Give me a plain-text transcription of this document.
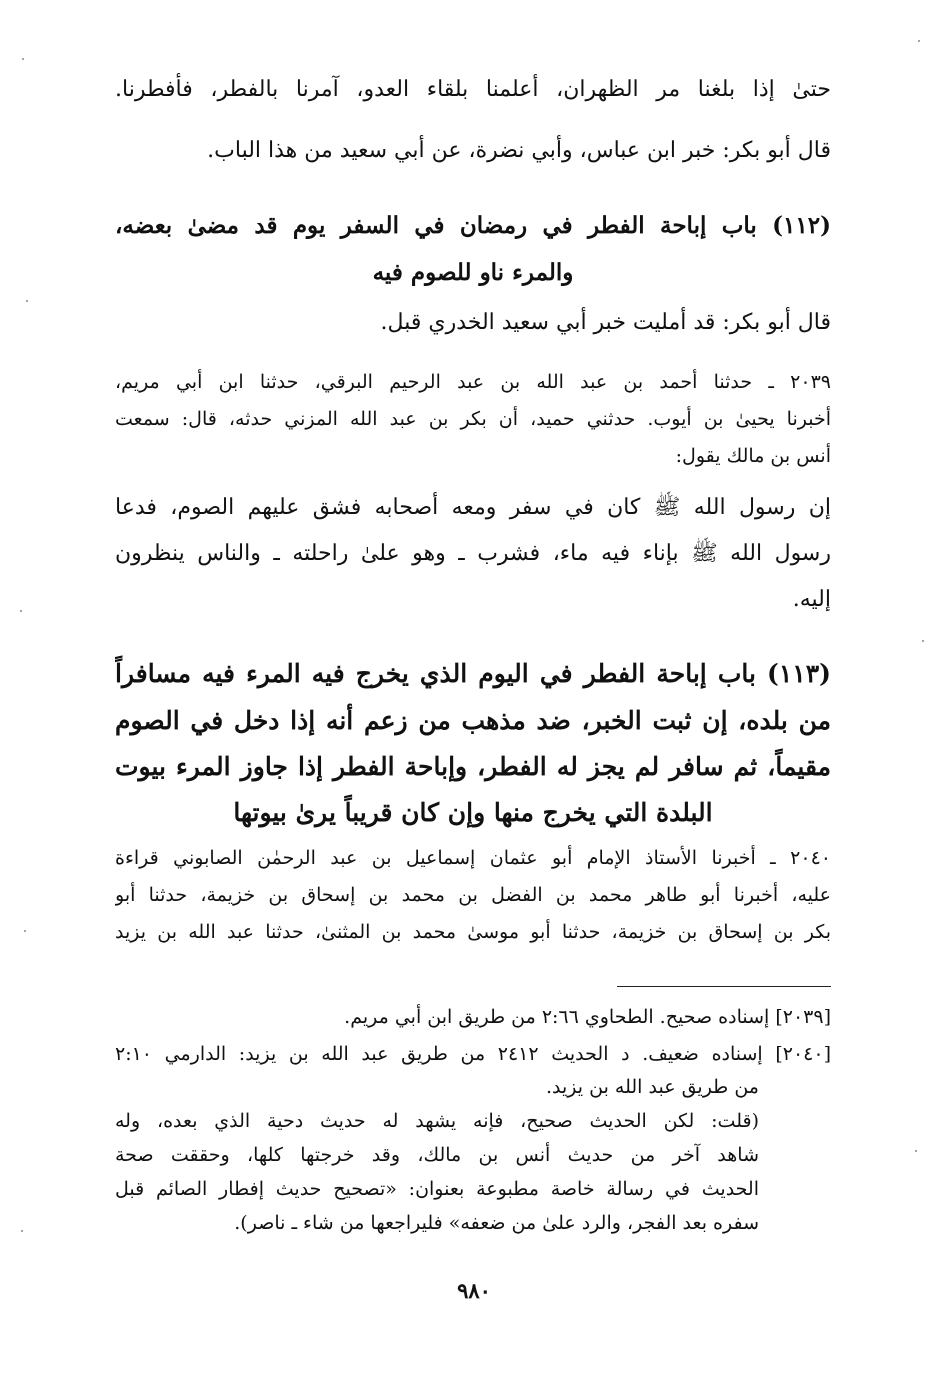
حتىٰ إذا بلغنا مر الظهران، أعلمنا بلقاء العدو، آمرنا بالفطر، فأفطرنا.

قال أبو بكر: خبر ابن عباس، وأبي نضرة، عن أبي سعيد من هذا الباب.

(١١٢) باب إباحة الفطر في رمضان في السفر يوم قد مضىٰ بعضه،

والمرء ناو للصوم فيه

قال أبو بكر: قد أمليت خبر أبي سعيد الخدري قبل.

٢٠٣٩ ـ حدثنا أحمد بن عبد الله بن عبد الرحيم البرقي، حدثنا ابن أبي مريم،

أخبرنا يحيىٰ بن أيوب. حدثني حميد، أن بكر بن عبد الله المزني حدثه، قال: سمعت

أنس بن مالك يقول:

إن رسول الله ﷺ كان في سفر ومعه أصحابه فشق عليهم الصوم، فدعا

رسول الله ﷺ بإناء فيه ماء، فشرب ـ وهو علىٰ راحلته ـ والناس ينظرون

إليه.

(١١٣) باب إباحة الفطر في اليوم الذي يخرج فيه المرء فيه مسافراً

من بلده، إن ثبت الخبر، ضد مذهب من زعم أنه إذا دخل في الصوم

مقيماً، ثم سافر لم يجز له الفطر، وإباحة الفطر إذا جاوز المرء بيوت

البلدة التي يخرج منها وإن كان قريباً يرىٰ بيوتها

٢٠٤٠ ـ أخبرنا الأستاذ الإمام أبو عثمان إسماعيل بن عبد الرحمٰن الصابوني قراءة

عليه، أخبرنا أبو طاهر محمد بن الفضل بن محمد بن إسحاق بن خزيمة، حدثنا أبو

بكر بن إسحاق بن خزيمة، حدثنا أبو موسىٰ محمد بن المثنىٰ، حدثنا عبد الله بن يزيد

[٢٠٣٩] إسناده صحيح. الطحاوي ٢:٦٦ من طريق ابن أبي مريم.

[٢٠٤٠] إسناده ضعيف. د الحديث ٢٤١٢ من طريق عبد الله بن يزيد: الدارمي ٢:١٠

من طريق عبد الله بن يزيد.

(قلت: لكن الحديث صحيح، فإنه يشهد له حديث دحية الذي بعده، وله

شاهد آخر من حديث أنس بن مالك، وقد خرجتها كلها، وحققت صحة

الحديث في رسالة خاصة مطبوعة بعنوان: «تصحيح حديث إفطار الصائم قبل

سفره بعد الفجر، والرد علىٰ من ضعفه» فليراجعها من شاء ـ ناصر).

٩٨٠
